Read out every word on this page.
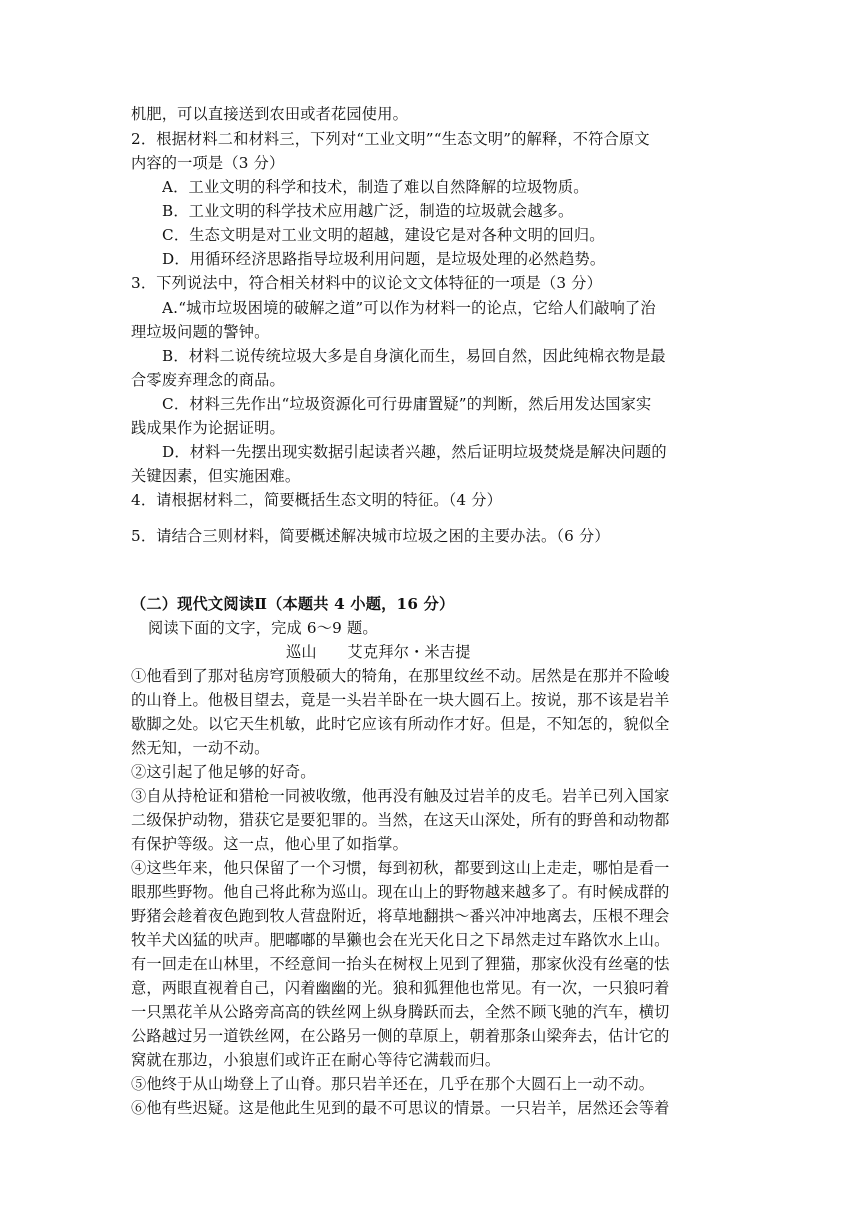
机肥，可以直接送到农田或者花园使用。
2．根据材料二和材料三，下列对“工业文明”“生态文明”的解释，不符合原文
内容的一项是（3 分）
A．工业文明的科学和技术，制造了难以自然降解的垃圾物质。
B．工业文明的科学技术应用越广泛，制造的垃圾就会越多。
C．生态文明是对工业文明的超越，建设它是对各种文明的回归。
D．用循环经济思路指导垃圾利用问题，是垃圾处理的必然趋势。
3．下列说法中，符合相关材料中的议论文文体特征的一项是（3 分）
A.“城市垃圾困境的破解之道”可以作为材料一的论点，它给人们敲响了治
理垃圾问题的警钟。
B．材料二说传统垃圾大多是自身演化而生，易回自然，因此纯棉衣物是最
合零废弃理念的商品。
C．材料三先作出“垃圾资源化可行毋庸置疑”的判断，然后用发达国家实
践成果作为论据证明。
D．材料一先摆出现实数据引起读者兴趣，然后证明垃圾焚烧是解决问题的
关键因素，但实施困难。
4．请根据材料二，简要概括生态文明的特征。（4 分）
5．请结合三则材料，简要概述解决城市垃圾之困的主要办法。（6 分）
（二）现代文阅读Ⅱ（本题共 4 小题，16 分）
阅读下面的文字，完成 6～9 题。
巡山　　艾克拜尔・米吉提
①他看到了那对毡房穹顶般硕大的犄角，在那里纹丝不动。居然是在那并不险峻
的山脊上。他极目望去，竟是一头岩羊卧在一块大圆石上。按说，那不该是岩羊
歇脚之处。以它天生机敏，此时它应该有所动作才好。但是，不知怎的，貌似全
然无知，一动不动。
②这引起了他足够的好奇。
③自从持枪证和猎枪一同被收缴，他再没有触及过岩羊的皮毛。岩羊已列入国家
二级保护动物，猎获它是要犯罪的。当然，在这天山深处，所有的野兽和动物都
有保护等级。这一点，他心里了如指掌。
④这些年来，他只保留了一个习惯，每到初秋，都要到这山上走走，哪怕是看一
眼那些野物。他自己将此称为巡山。现在山上的野物越来越多了。有时候成群的
野猪会趁着夜色跑到牧人营盘附近，将草地翻拱～番兴冲冲地离去，压根不理会
牧羊犬凶猛的吠声。肥嘟嘟的旱獭也会在光天化日之下昂然走过车路饮水上山。
有一回走在山林里，不经意间一抬头在树杈上见到了狸猫，那家伙没有丝毫的怯
意，两眼直视着自己，闪着幽幽的光。狼和狐狸他也常见。有一次，一只狼叼着
一只黑花羊从公路旁高高的铁丝网上纵身腾跃而去，全然不顾飞驰的汽车，横切
公路越过另一道铁丝网，在公路另一侧的草原上，朝着那条山梁奔去，估计它的
窝就在那边，小狼崽们或许正在耐心等待它满载而归。
⑤他终于从山坳登上了山脊。那只岩羊还在，几乎在那个大圆石上一动不动。
⑥他有些迟疑。这是他此生见到的最不可思议的情景。一只岩羊，居然还会等着
